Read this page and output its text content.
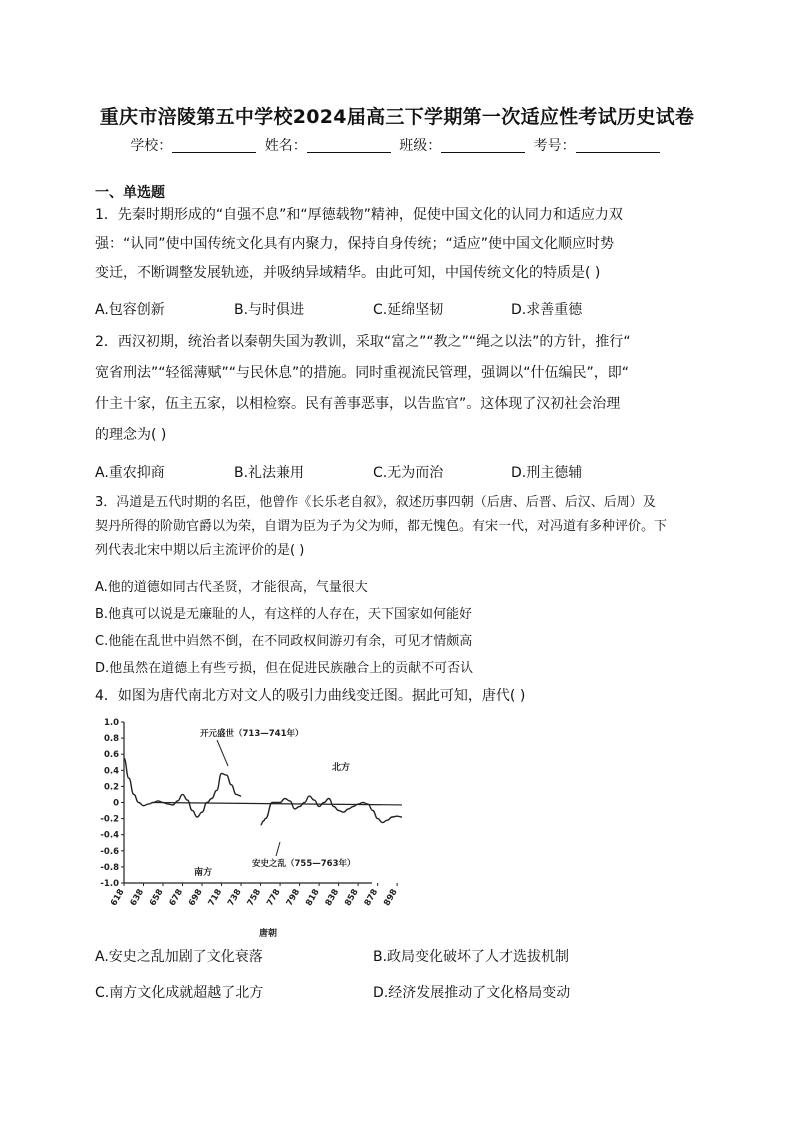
重庆市涪陵第五中学校2024届高三下学期第一次适应性考试历史试卷
学校：	姓名：	班级：	考号：
一、单选题
1．先秦时期形成的“自强不息”和“厚德载物”精神，促使中国文化的认同力和适应力双
强：“认同”使中国传统文化具有内聚力，保持自身传统；“适应”使中国文化顺应时势
变迁，不断调整发展轨迹，并吸纳异域精华。由此可知，中国传统文化的特质是( )
A.包容创新	B.与时俱进	C.延绵坚韧	D.求善重德
2．西汉初期，统治者以秦朝失国为教训，采取“富之”“教之”“绳之以法”的方针，推行“
宽省刑法”“轻徭薄赋”“与民休息”的措施。同时重视流民管理，强调以“什伍编民”，即“
什主十家，伍主五家，以相检察。民有善事恶事，以告监官”。这体现了汉初社会治理
的理念为( )
A.重农抑商	B.礼法兼用	C.无为而治	D.刑主德辅
3．冯道是五代时期的名臣，他曾作《长乐老自叙》，叙述历事四朝（后唐、后晋、后汉、后周）及
契丹所得的阶勋官爵以为荣，自谓为臣为子为父为师，都无愧色。有宋一代，对冯道有多种评价。下
列代表北宋中期以后主流评价的是( )
A.他的道德如同古代圣贤，才能很高，气量很大
B.他真可以说是无廉耻的人，有这样的人存在，天下国家如何能好
C.他能在乱世中岿然不倒，在不同政权间游刃有余，可见才情颇高
D.他虽然在道德上有些亏损，但在促进民族融合上的贡献不可否认
4．如图为唐代南北方对文人的吸引力曲线变迁图。据此可知，唐代( )
1.0
0.8
0.6
0.4
0.2
0
-0.2
-0.4
-0.6
-0.8
-1.0
618 638 658 678 698 718 738 758 778 798 818 838 858 878 898
开元盛世（713—741年）
北方
南方
安史之乱（755—763年）
唐朝
A.安史之乱加剧了文化衰落	B.政局变化破坏了人才选拔机制
C.南方文化成就超越了北方	D.经济发展推动了文化格局变动
